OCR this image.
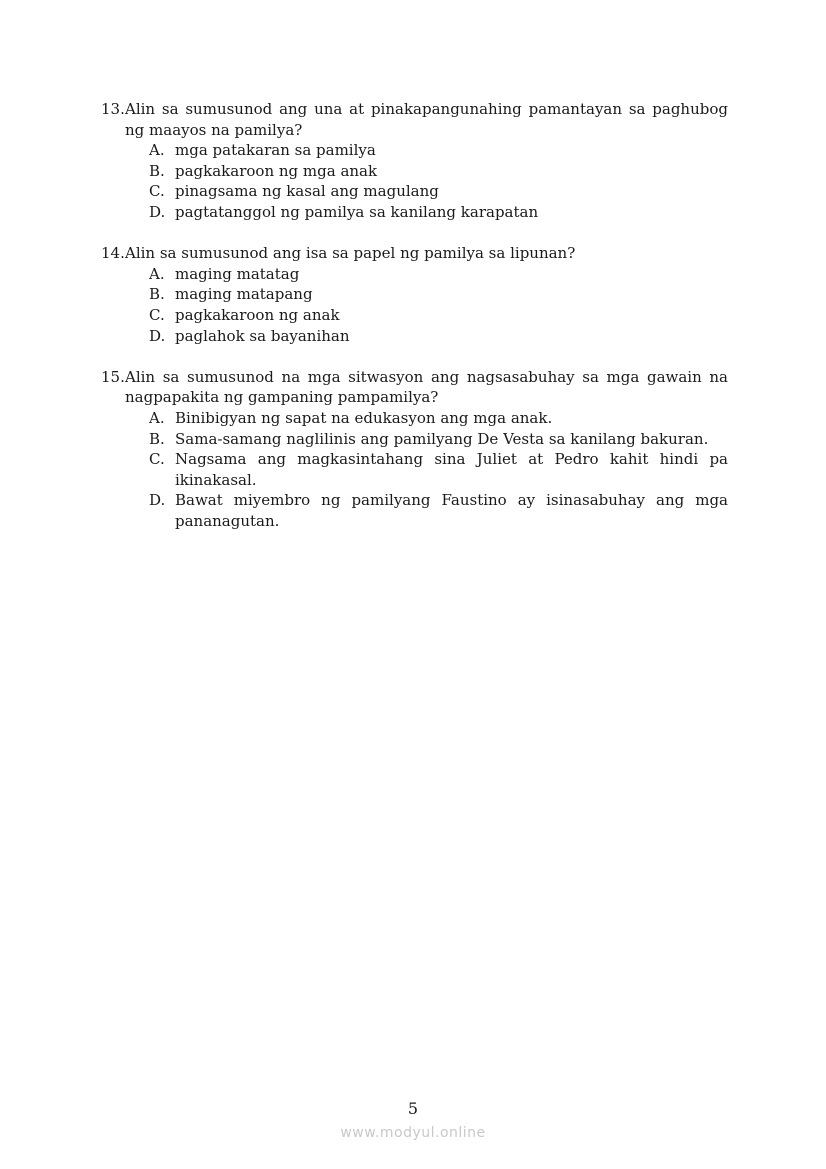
13. Alin sa sumusunod ang una at pinakapangunahing pamantayan sa paghubog ng maayos na pamilya?
A. mga patakaran sa pamilya
B. pagkakaroon ng mga anak
C. pinagsama ng kasal ang magulang
D. pagtatanggol ng pamilya sa kanilang karapatan
14. Alin sa sumusunod ang isa sa papel ng pamilya sa lipunan?
A. maging matatag
B. maging matapang
C. pagkakaroon ng anak
D. paglahok sa bayanihan
15. Alin sa sumusunod na mga sitwasyon ang nagsasabuhay sa mga gawain na nagpapakita ng gampaning pampamilya?
A. Binibigyan ng sapat na edukasyon ang mga anak.
B. Sama-samang naglilinis ang pamilyang De Vesta sa kanilang bakuran.
C. Nagsama ang magkasintahang sina Juliet at Pedro kahit hindi pa ikinakasal.
D. Bawat miyembro ng pamilyang Faustino ay isinasabuhay ang mga pananagutan.
5
www.modyul.online
